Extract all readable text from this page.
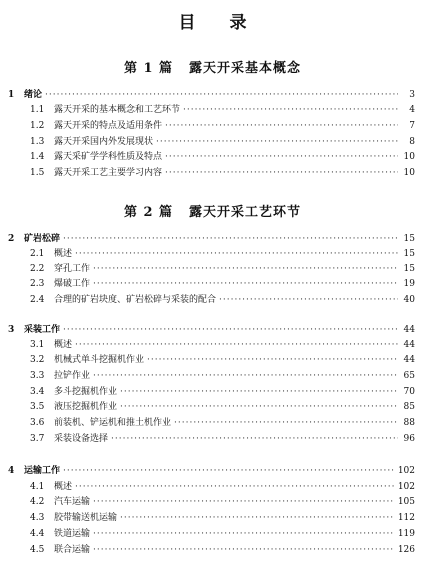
目 录
第 1 篇 露天开采基本概念
1	绪论 ·····	3
1.1	露天开采的基本概念和工艺环节 ·····	4
1.2	露天开采的特点及适用条件 ·····	7
1.3	露天开采国内外发展现状 ·····	8
1.4	露天采矿学学科性质及特点 ·····	10
1.5	露天开采工艺主要学习内容 ·····	10
第 2 篇 露天开采工艺环节
2	矿岩松碎 ·····	15
2.1	概述 ·····	15
2.2	穿孔工作 ·····	15
2.3	爆破工作 ·····	19
2.4	合理的矿岩块度、矿岩松碎与采装的配合 ·····	40
3	采装工作 ·····	44
3.1	概述 ·····	44
3.2	机械式单斗挖掘机作业 ·····	44
3.3	拉铲作业 ·····	65
3.4	多斗挖掘机作业 ·····	70
3.5	液压挖掘机作业 ·····	85
3.6	前装机、铲运机和推土机作业 ·····	88
3.7	采装设备选择 ·····	96
4	运输工作 ·····	102
4.1	概述 ·····	102
4.2	汽车运输 ·····	105
4.3	胶带输送机运输 ·····	112
4.4	铁道运输 ·····	119
4.5	联合运输 ·····	126
